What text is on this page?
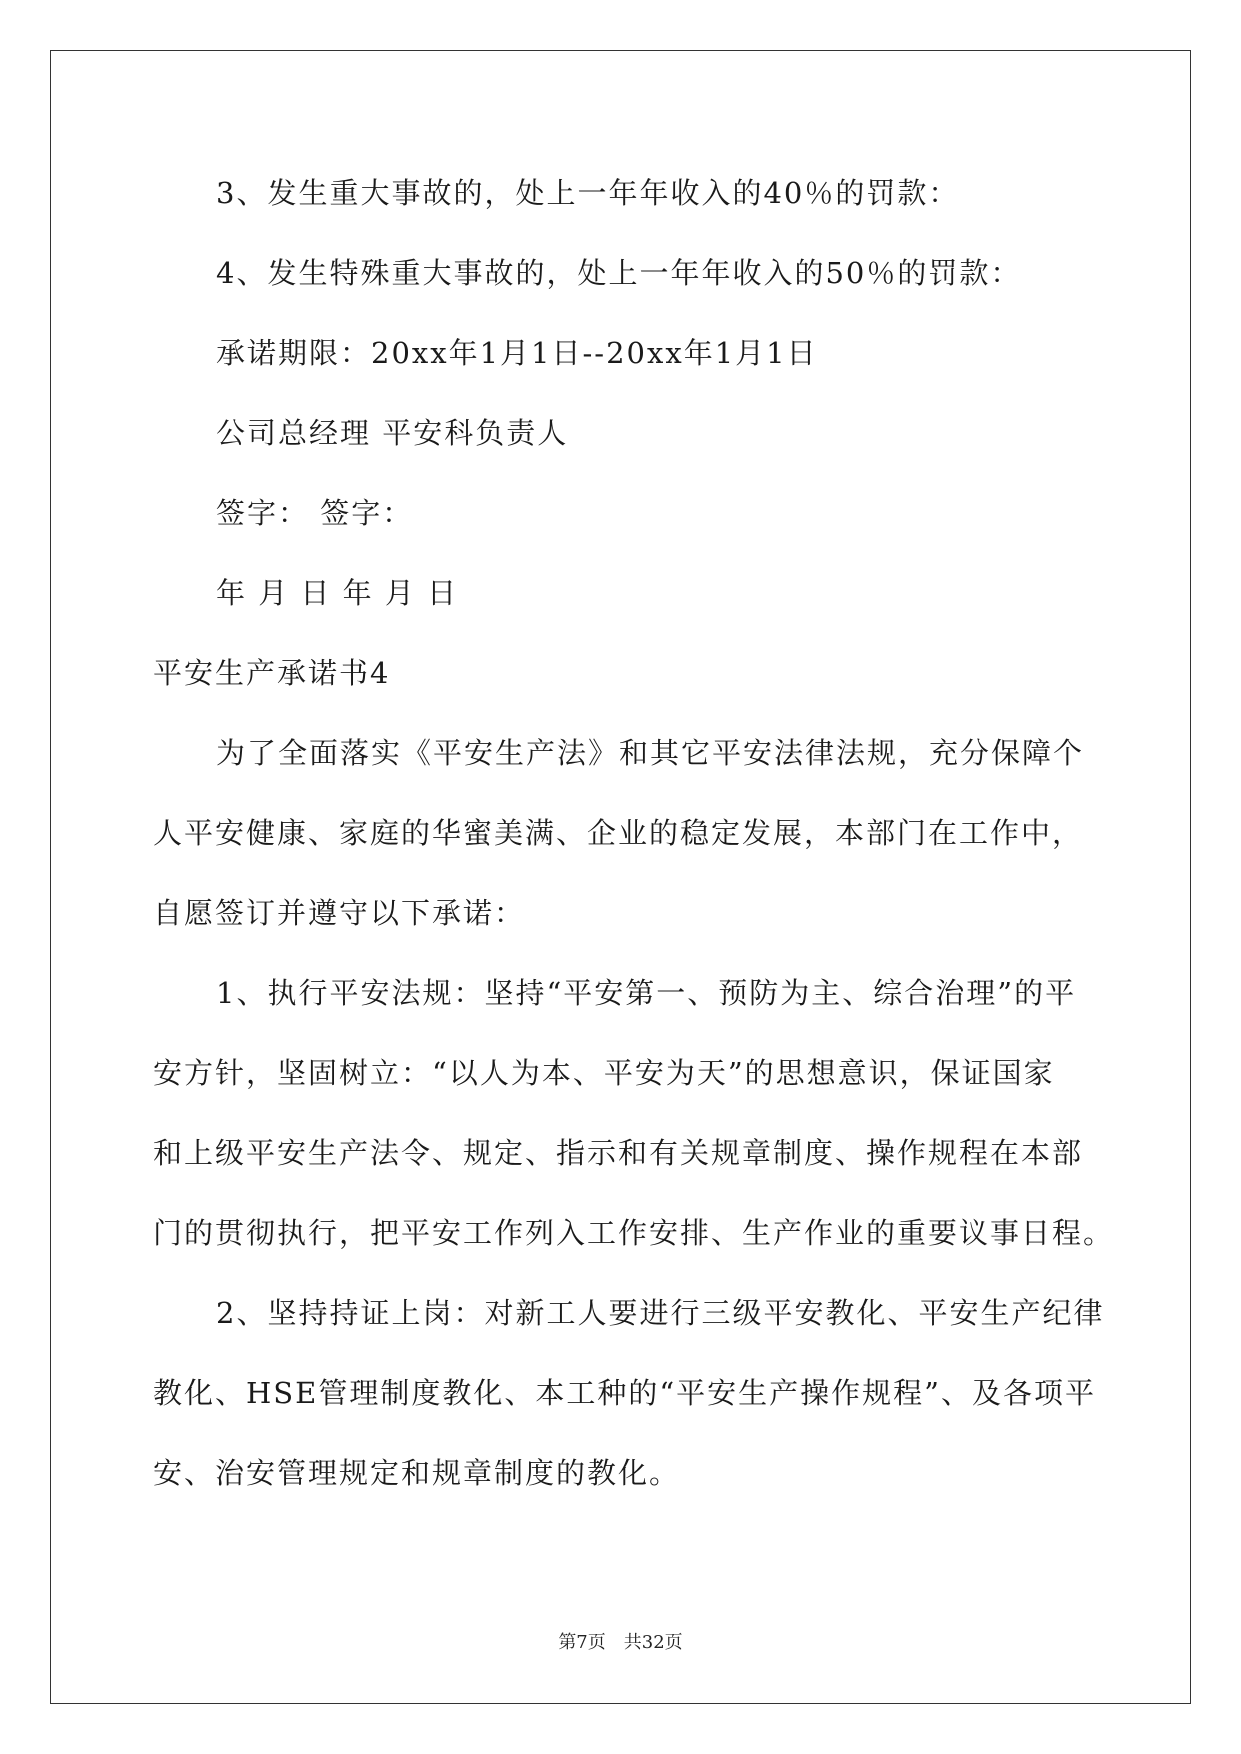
3、发生重大事故的，处上一年年收入的40％的罚款：
4、发生特殊重大事故的，处上一年年收入的50％的罚款：
承诺期限：20xx年1月1日--20xx年1月1日
公司总经理 平安科负责人
签字： 签字：
年 月 日 年 月 日
平安生产承诺书4
为了全面落实《平安生产法》和其它平安法律法规，充分保障个
人平安健康、家庭的华蜜美满、企业的稳定发展，本部门在工作中，
自愿签订并遵守以下承诺：
1、执行平安法规：坚持“平安第一、预防为主、综合治理”的平
安方针，坚固树立：“以人为本、平安为天”的思想意识，保证国家
和上级平安生产法令、规定、指示和有关规章制度、操作规程在本部
门的贯彻执行，把平安工作列入工作安排、生产作业的重要议事日程。
2、坚持持证上岗：对新工人要进行三级平安教化、平安生产纪律
教化、HSE管理制度教化、本工种的“平安生产操作规程”、及各项平
安、治安管理规定和规章制度的教化。
第7页　共32页
